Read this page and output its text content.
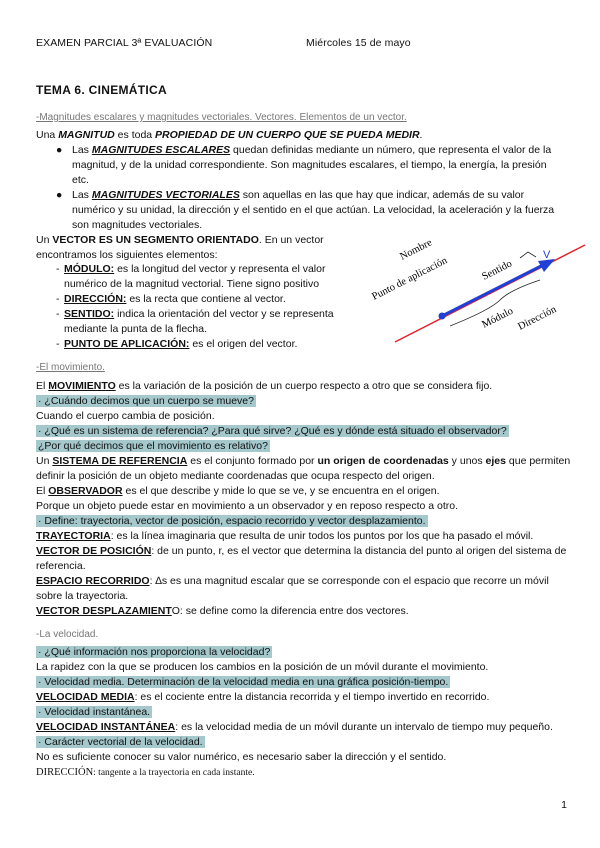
EXAMEN PARCIAL 3ª EVALUACIÓN	Miércoles 15 de mayo
TEMA 6. CINEMÁTICA
-Magnitudes escalares y magnitudes vectoriales. Vectores. Elementos de un vector.
Una MAGNITUD es toda PROPIEDAD DE UN CUERPO QUE SE PUEDA MEDIR.
● Las MAGNITUDES ESCALARES quedan definidas mediante un número, que representa el valor de la magnitud, y de la unidad correspondiente. Son magnitudes escalares, el tiempo, la energía, la presión etc.
● Las MAGNITUDES VECTORIALES son aquellas en las que hay que indicar, además de su valor numérico y su unidad, la dirección y el sentido en el que actúan. La velocidad, la aceleración y la fuerza son magnitudes vectoriales.
Un VECTOR ES UN SEGMENTO ORIENTADO. En un vector encontramos los siguientes elementos:
- MÓDULO: es la longitud del vector y representa el valor numérico de la magnitud vectorial. Tiene signo positivo
- DIRECCIÓN: es la recta que contiene al vector.
- SENTIDO: indica la orientación del vector y se representa mediante la punta de la flecha.
- PUNTO DE APLICACIÓN: es el origen del vector.
Nombre
Punto de aplicación	Sentido
Módulo Dirección
V
-El movimiento.
El MOVIMIENTO es la variación de la posición de un cuerpo respecto a otro que se considera fijo.
· ¿Cuándo decimos que un cuerpo se mueve?
Cuando el cuerpo cambia de posición.
· ¿Qué es un sistema de referencia? ¿Para qué sirve? ¿Qué es y dónde está situado el observador?
¿Por qué decimos que el movimiento es relativo?
Un SISTEMA DE REFERENCIA es el conjunto formado por un origen de coordenadas y unos ejes que permiten definir la posición de un objeto mediante coordenadas que ocupa respecto del origen.
El OBSERVADOR es el que describe y mide lo que se ve, y se encuentra en el origen.
Porque un objeto puede estar en movimiento a un observador y en reposo respecto a otro.
· Define: trayectoria, vector de posición, espacio recorrido y vector desplazamiento.
TRAYECTORIA: es la línea imaginaria que resulta de unir todos los puntos por los que ha pasado el móvil.
VECTOR DE POSICIÓN: de un punto, r, es el vector que determina la distancia del punto al origen del sistema de referencia.
ESPACIO RECORRIDO: ∆s es una magnitud escalar que se corresponde con el espacio que recorre un móvil sobre la trayectoria.
VECTOR DESPLAZAMIENTO: se define como la diferencia entre dos vectores.
-La velocidad.
· ¿Qué información nos proporciona la velocidad?
La rapidez con la que se producen los cambios en la posición de un móvil durante el movimiento.
· Velocidad media. Determinación de la velocidad media en una gráfica posición-tiempo.
VELOCIDAD MEDIA: es el cociente entre la distancia recorrida y el tiempo invertido en recorrido.
· Velocidad instantánea.
VELOCIDAD INSTANTÁNEA: es la velocidad media de un móvil durante un intervalo de tiempo muy pequeño.
· Carácter vectorial de la velocidad.
No es suficiente conocer su valor numérico, es necesario saber la dirección y el sentido.
DIRECCIÓN: tangente a la trayectoria en cada instante.
1
